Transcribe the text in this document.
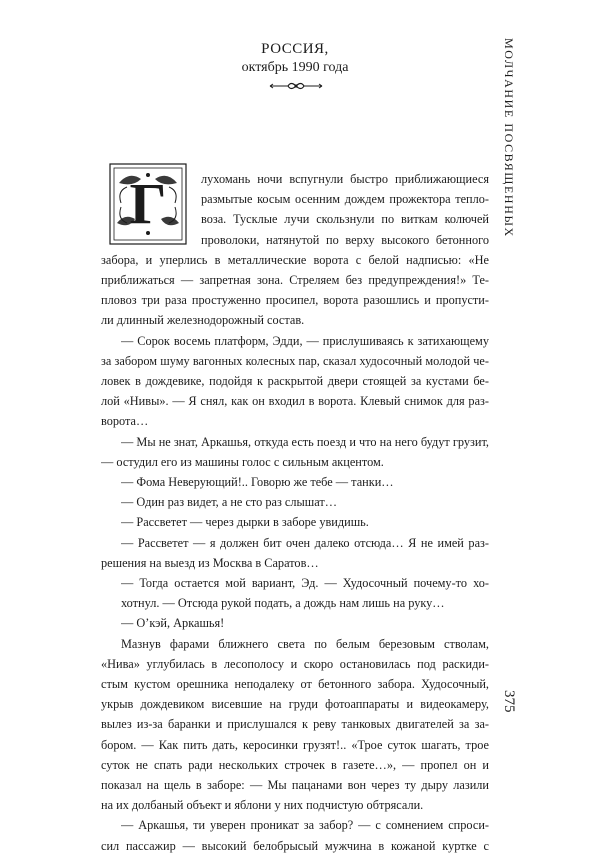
РОССИЯ,
октябрь 1990 года	МОЛЧАНИЕ ПОСВЯЩЕННЫХ
375
Г	лухомань ночи вспугнули быстро приближающиеся
размытые косым осенним дождем прожектора тепло-
воза. Тусклые лучи скользнули по виткам колючей
проволоки, натянутой по верху высокого бетонного
забора, и уперлись в металлические ворота с белой надписью: «Не
приближаться — запретная зона. Стреляем без предупреждения!» Те-
пловоз три раза простуженно просипел, ворота разошлись и пропусти-
ли длинный железнодорожный состав.
— Сорок восемь платформ, Эдди, — прислушиваясь к затихающему
за забором шуму вагонных колесных пар, сказал худосочный молодой че-
ловек в дождевике, подойдя к раскрытой двери стоящей за кустами бе-
лой «Нивы». — Я снял, как он входил в ворота. Клевый снимок для раз-
ворота…
— Мы не знат, Аркашья, откуда есть поезд и что на него будут грузит,
— остудил его из машины голос с сильным акцентом.
— Фома Неверующий!.. Говорю же тебе — танки…
— Один раз видет, а не сто раз слышат…
— Рассветет — через дырки в заборе увидишь.
— Рассветет — я должен бит очен далеко отсюда… Я не имей раз-
решения на выезд из Москва в Саратов…
— Тогда остается мой вариант, Эд. — Худосочный почему-то хо-
хотнул. — Отсюда рукой подать, а дождь нам лишь на руку…
— О’кэй, Аркашья!
Мазнув фарами ближнего света по белым березовым стволам,
«Нива» углубилась в лесополосу и скоро остановилась под раскиди-
стым кустом орешника неподалеку от бетонного забора. Худосочный,
укрыв дождевиком висевшие на груди фотоаппараты и видеокамеру,
вылез из-за баранки и прислушался к реву танковых двигателей за за-
бором. — Как пить дать, керосинки грузят!.. «Трое суток шагать, трое
суток не спать ради нескольких строчек в газете…», — пропел он и
показал на щель в заборе: — Мы пацанами вон через ту дыру лазили
на их долбаный объект и яблони у них подчистую обтрясали.
— Аркашья, ти уверен проникат за забор? — с сомнением спроси-
сил пассажир — высокий белобрысый мужчина в кожаной куртке с
